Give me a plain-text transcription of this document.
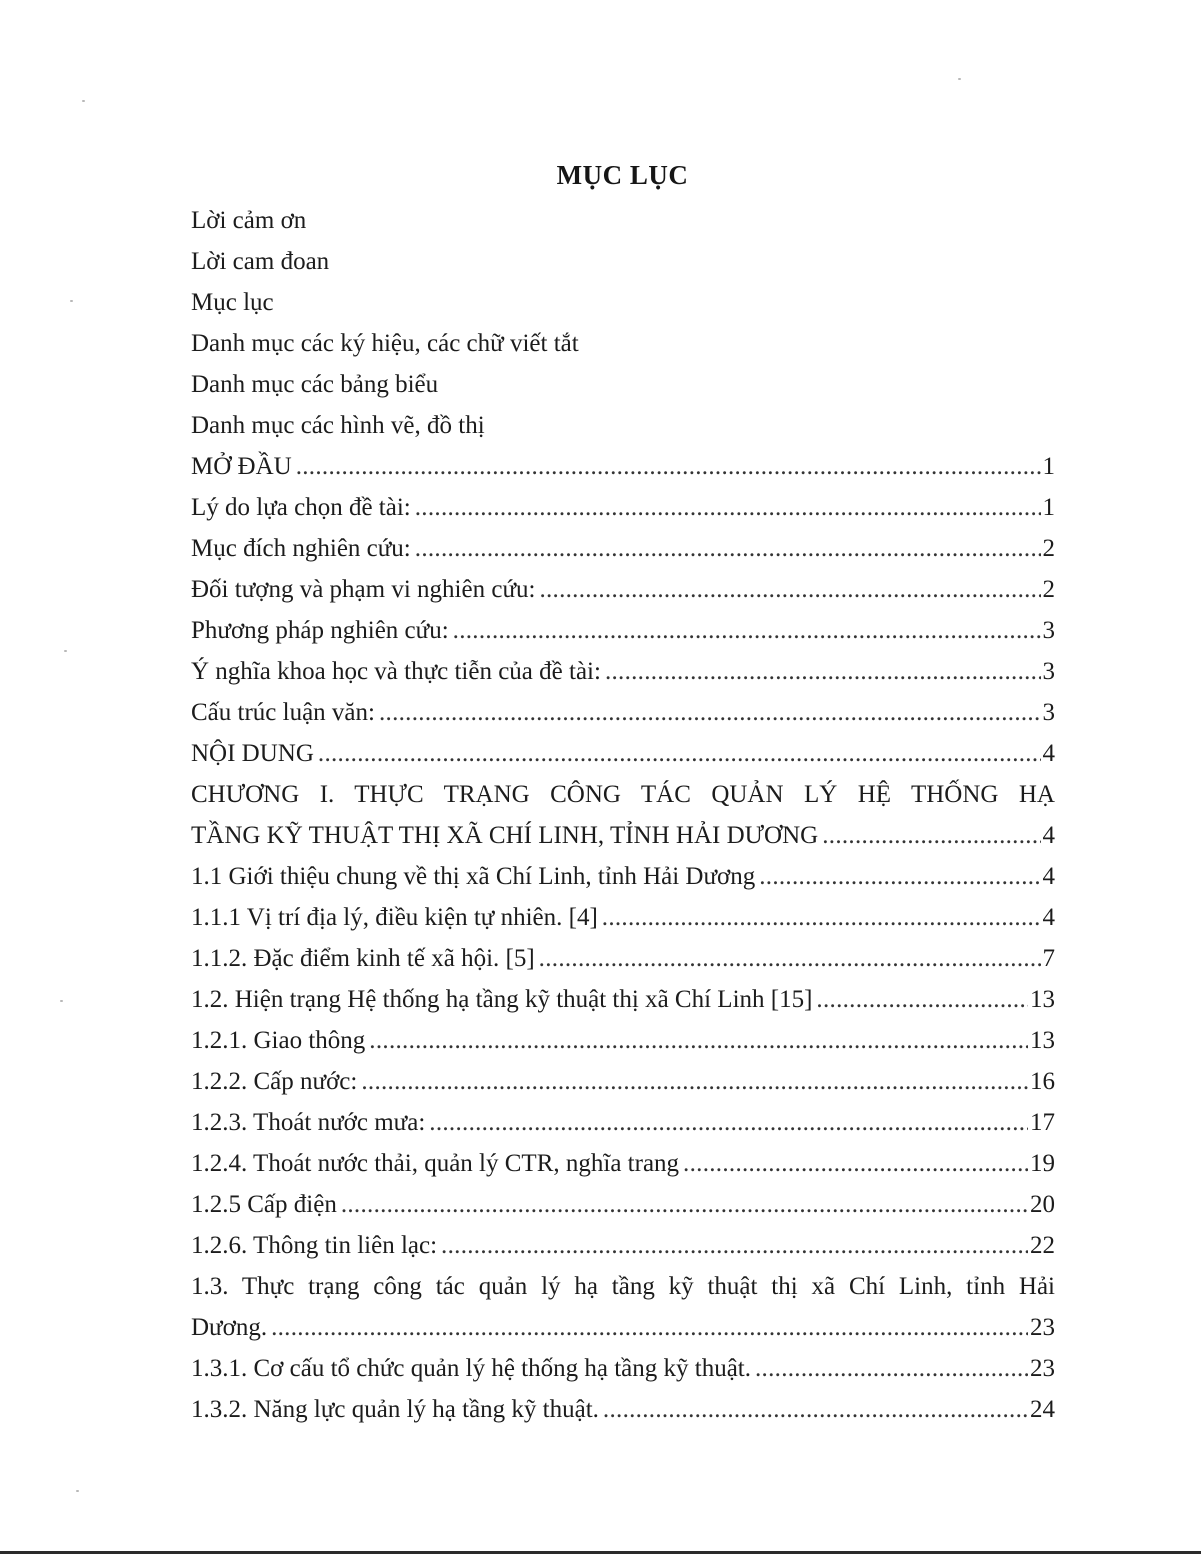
MỤC LỤC
Lời cảm ơn
Lời cam đoan
Mục lục
Danh mục các ký hiệu, các chữ viết tắt
Danh mục các bảng biểu
Danh mục các hình vẽ, đồ thị
MỞ ĐẦU .....	1
Lý do lựa chọn đề tài: .....	1
Mục đích nghiên cứu: .....	2
Đối tượng và phạm vi nghiên cứu: .....	2
Phương pháp nghiên cứu: .....	3
Ý nghĩa khoa học và thực tiễn của đề tài: .....	3
Cấu trúc luận văn: .....	3
NỘI DUNG .....	4
CHƯƠNG I. THỰC TRẠNG CÔNG TÁC QUẢN LÝ HỆ THỐNG HẠ
TẦNG KỸ THUẬT THỊ XÃ CHÍ LINH, TỈNH HẢI DƯƠNG .....	4
1.1 Giới thiệu chung về thị xã Chí Linh, tỉnh Hải Dương .....	4
1.1.1 Vị trí địa lý, điều kiện tự nhiên. [4] .....	4
1.1.2. Đặc điểm kinh tế xã hội. [5] .....	7
1.2. Hiện trạng Hệ thống hạ tầng kỹ thuật thị xã Chí Linh [15] .....	13
1.2.1. Giao thông .....	13
1.2.2. Cấp nước: .....	16
1.2.3. Thoát nước mưa: .....	17
1.2.4. Thoát nước thải, quản lý CTR, nghĩa trang .....	19
1.2.5 Cấp điện .....	20
1.2.6. Thông tin liên lạc: .....	22
1.3. Thực trạng công tác quản lý hạ tầng kỹ thuật thị xã Chí Linh, tỉnh Hải
Dương. .....	23
1.3.1. Cơ cấu tổ chức quản lý hệ thống hạ tầng kỹ thuật. .....	23
1.3.2. Năng lực quản lý hạ tầng kỹ thuật. .....	24
